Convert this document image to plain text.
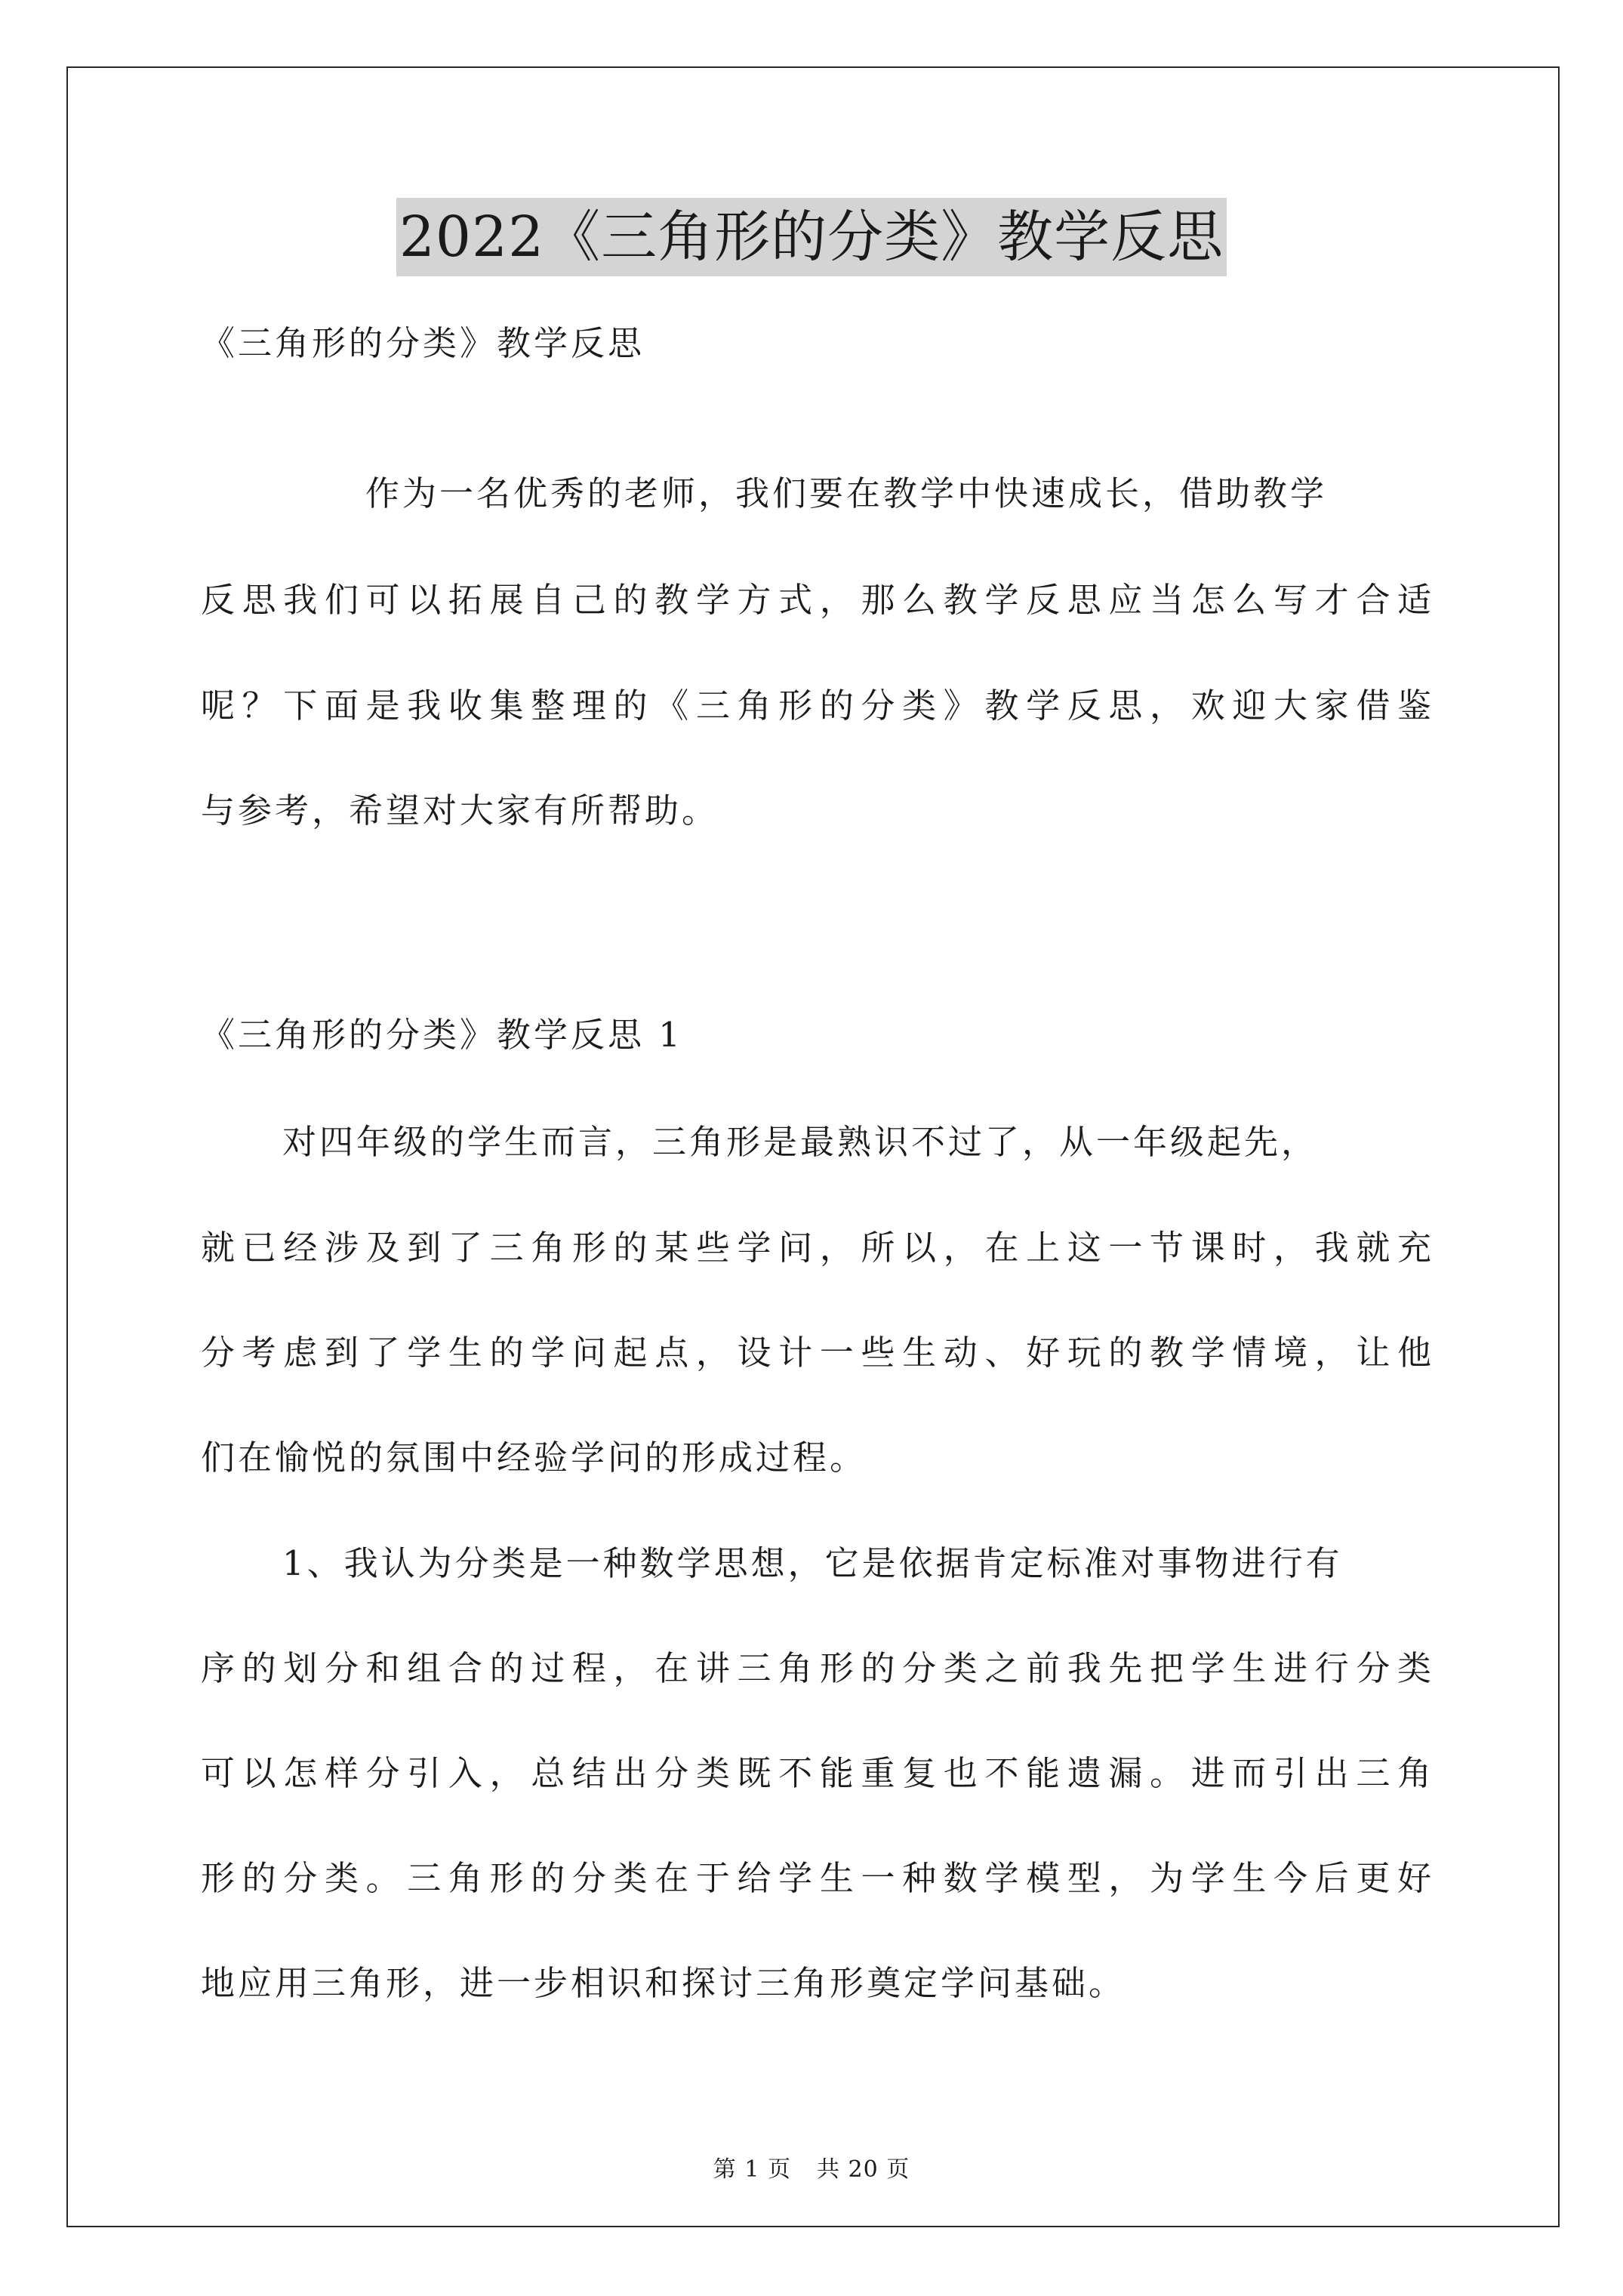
2022《三角形的分类》教学反思
《三角形的分类》教学反思
作为一名优秀的老师，我们要在教学中快速成长，借助教学
反思我们可以拓展自己的教学方式，那么教学反思应当怎么写才合适
呢？下面是我收集整理的《三角形的分类》教学反思，欢迎大家借鉴
与参考，希望对大家有所帮助。
《三角形的分类》教学反思 1
对四年级的学生而言，三角形是最熟识不过了，从一年级起先，
就已经涉及到了三角形的某些学问，所以，在上这一节课时，我就充
分考虑到了学生的学问起点，设计一些生动、好玩的教学情境，让他
们在愉悦的氛围中经验学问的形成过程。
1、我认为分类是一种数学思想，它是依据肯定标准对事物进行有
序的划分和组合的过程，在讲三角形的分类之前我先把学生进行分类
可以怎样分引入，总结出分类既不能重复也不能遗漏。进而引出三角
形的分类。三角形的分类在于给学生一种数学模型，为学生今后更好
地应用三角形，进一步相识和探讨三角形奠定学问基础。
第 1 页 共 20 页
